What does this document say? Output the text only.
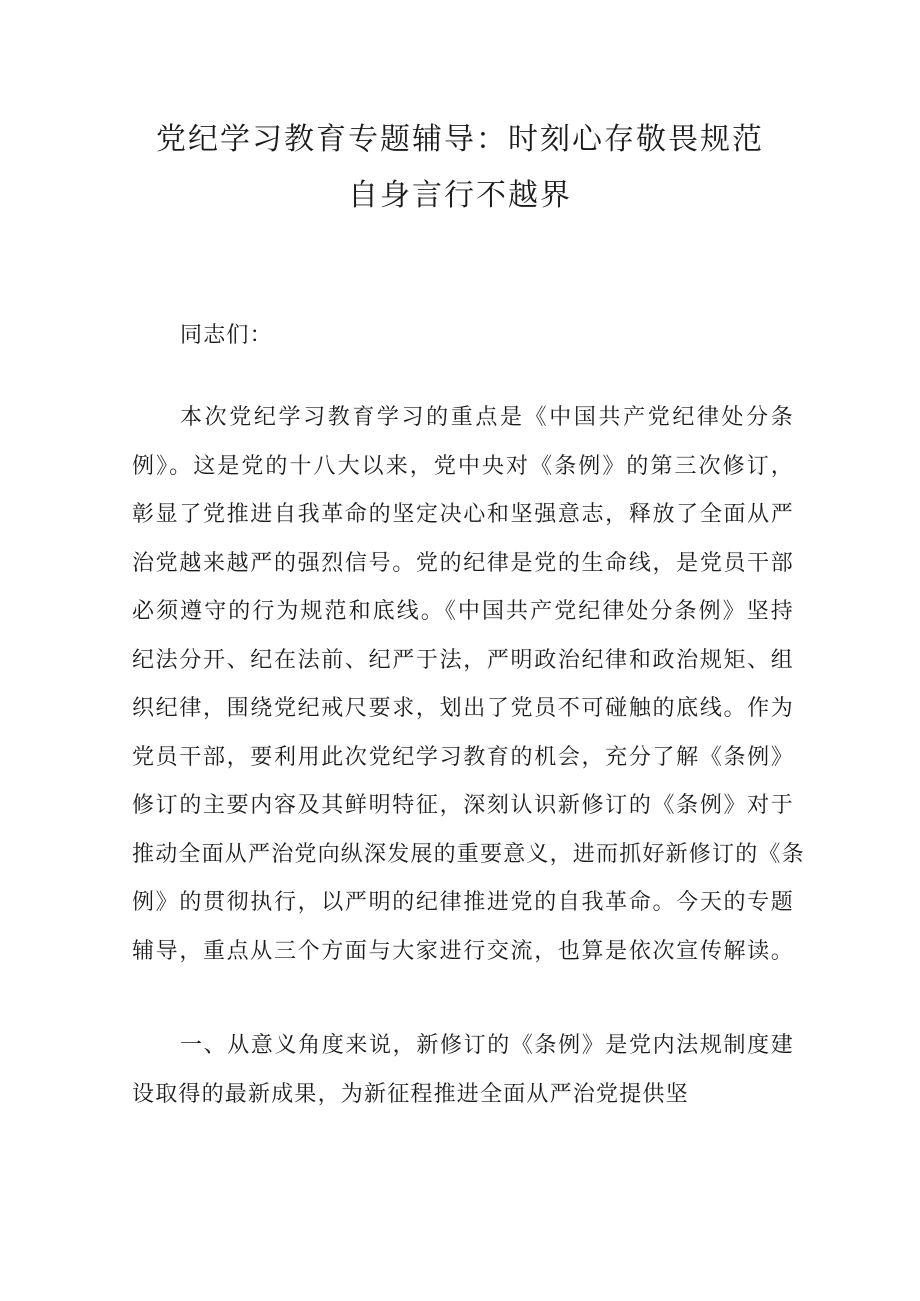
党纪学习教育专题辅导：时刻心存敬畏规范
自身言行不越界

同志们：

本次党纪学习教育学习的重点是《中国共产党纪律处分条
例》。这是党的十八大以来，党中央对《条例》的第三次修订，
彰显了党推进自我革命的坚定决心和坚强意志，释放了全面从严
治党越来越严的强烈信号。党的纪律是党的生命线，是党员干部
必须遵守的行为规范和底线。《中国共产党纪律处分条例》坚持
纪法分开、纪在法前、纪严于法，严明政治纪律和政治规矩、组
织纪律，围绕党纪戒尺要求，划出了党员不可碰触的底线。作为
党员干部，要利用此次党纪学习教育的机会，充分了解《条例》
修订的主要内容及其鲜明特征，深刻认识新修订的《条例》对于
推动全面从严治党向纵深发展的重要意义，进而抓好新修订的《条
例》的贯彻执行，以严明的纪律推进党的自我革命。今天的专题
辅导，重点从三个方面与大家进行交流，也算是依次宣传解读。

一、从意义角度来说，新修订的《条例》是党内法规制度建
设取得的最新成果，为新征程推进全面从严治党提供坚
